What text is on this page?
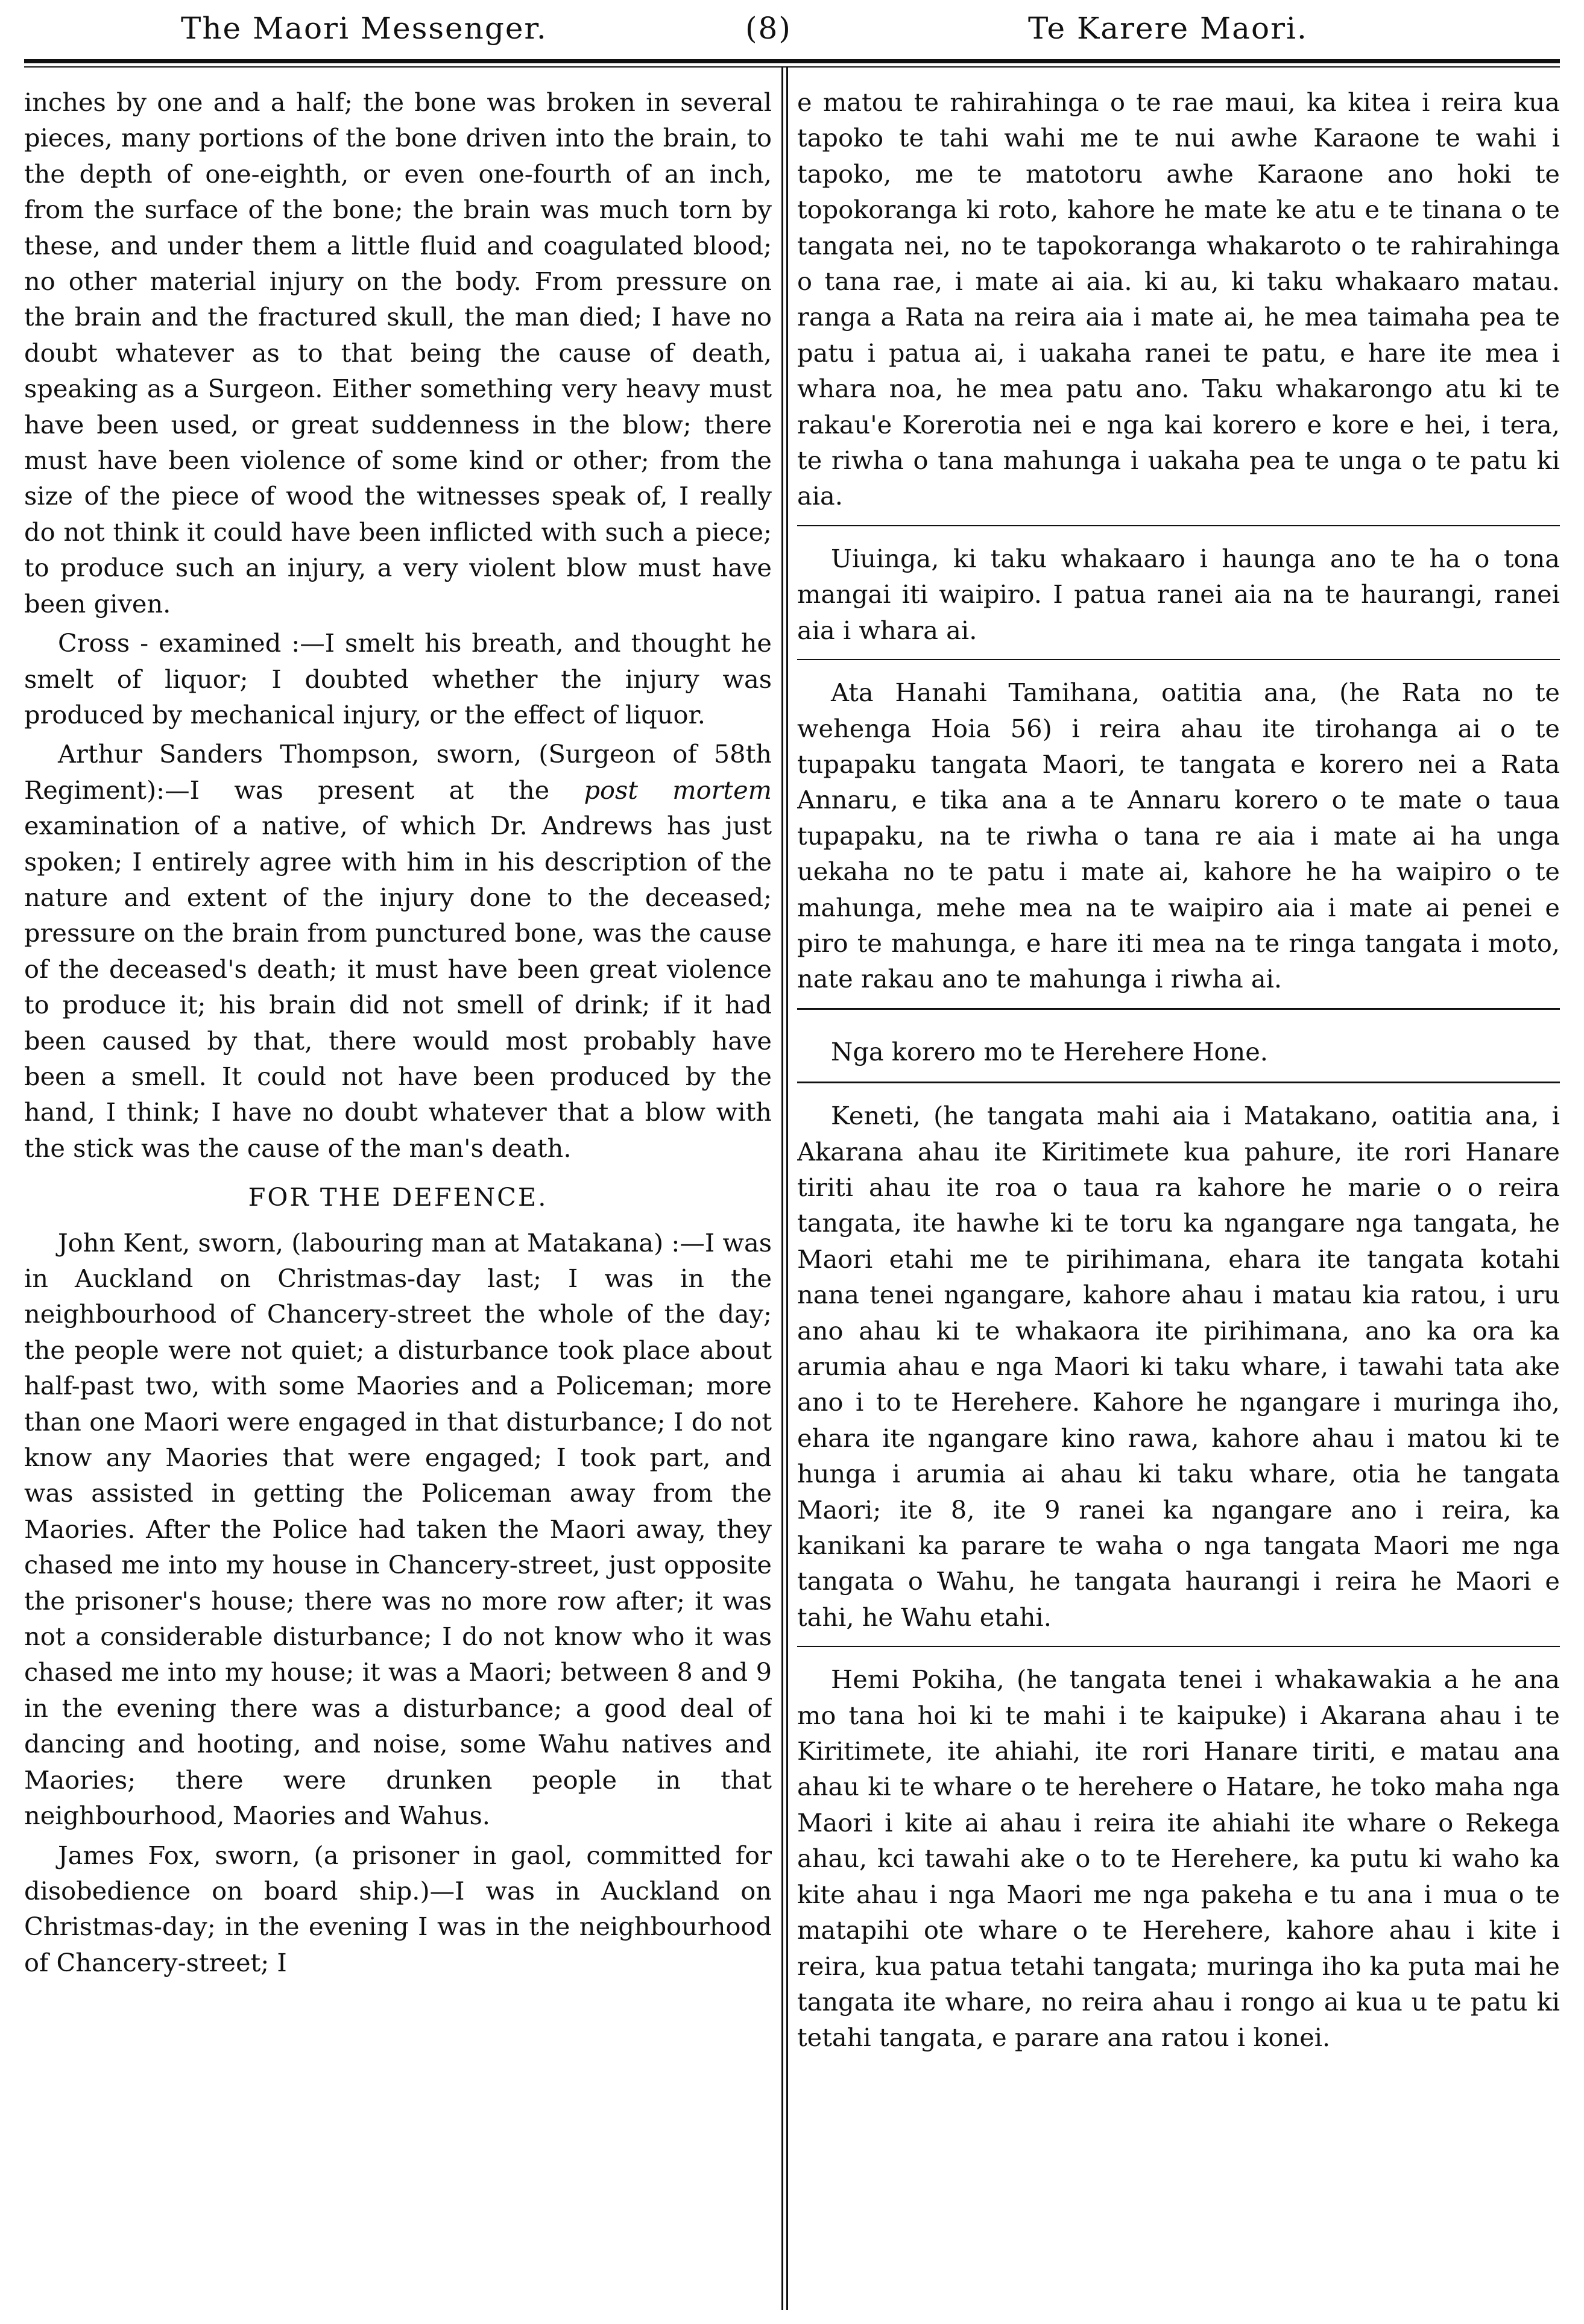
The Maori Messenger.	(8)	Te Karere Maori.

inches by one and a half; the bone was broken in several pieces, many portions of the bone driven into the brain, to the depth of one-eighth, or even one-fourth of an inch, from the surface of the bone; the brain was much torn by these, and under them a little fluid and coagulated blood; no other material injury on the body. From pressure on the brain and the fractured skull, the man died; I have no doubt whatever as to that being the cause of death, speaking as a Surgeon. Either something very heavy must have been used, or great suddenness in the blow; there must have been violence of some kind or other; from the size of the piece of wood the witnesses speak of, I really do not think it could have been inflicted with such a piece; to produce such an injury, a very violent blow must have been given.

Cross - examined :—I smelt his breath, and thought he smelt of liquor; I doubted whether the injury was produced by mechanical injury, or the effect of liquor.

Arthur Sanders Thompson, sworn, (Surgeon of 58th Regiment):—I was present at the post mortem examination of a native, of which Dr. Andrews has just spoken; I entirely agree with him in his description of the nature and extent of the injury done to the deceased; pressure on the brain from punctured bone, was the cause of the deceased's death; it must have been great violence to produce it; his brain did not smell of drink; if it had been caused by that, there would most probably have been a smell. It could not have been produced by the hand, I think; I have no doubt whatever that a blow with the stick was the cause of the man's death.

FOR THE DEFENCE.

John Kent, sworn, (labouring man at Matakana) :—I was in Auckland on Christmas-day last; I was in the neighbourhood of Chancery-street the whole of the day; the people were not quiet; a disturbance took place about half-past two, with some Maories and a Policeman; more than one Maori were engaged in that disturbance; I do not know any Maories that were engaged; I took part, and was assisted in getting the Policeman away from the Maories. After the Police had taken the Maori away, they chased me into my house in Chancery-street, just opposite the prisoner's house; there was no more row after; it was not a considerable disturbance; I do not know who it was chased me into my house; it was a Maori; between 8 and 9 in the evening there was a disturbance; a good deal of dancing and hooting, and noise, some Wahu natives and Maories; there were drunken people in that neighbourhood, Maories and Wahus.

James Fox, sworn, (a prisoner in gaol, committed for disobedience on board ship.)—I was in Auckland on Christmas-day; in the evening I was in the neighbourhood of Chancery-street; I

e matou te rahirahinga o te rae maui, ka kitea i reira kua tapoko te tahi wahi me te nui awhe Karaone te wahi i tapoko, me te matotoru awhe Karaone ano hoki te topokoranga ki roto, kahore he mate ke atu e te tinana o te tangata nei, no te tapokoranga whakaroto o te rahirahinga o tana rae, i mate ai aia. ki au, ki taku whakaaro matau. ranga a Rata na reira aia i mate ai, he mea taimaha pea te patu i patua ai, i uakaha ranei te patu, e hare ite mea i whara noa, he mea patu ano. Taku whakarongo atu ki te rakau'e Korerotia nei e nga kai korero e kore e hei, i tera, te riwha o tana mahunga i uakaha pea te unga o te patu ki aia.

Uiuinga, ki taku whakaaro i haunga ano te ha o tona mangai iti waipiro. I patua ranei aia na te haurangi, ranei aia i whara ai.

Ata Hanahi Tamihana, oatitia ana, (he Rata no te wehenga Hoia 56) i reira ahau ite tirohanga ai o te tupapaku tangata Maori, te tangata e korero nei a Rata Annaru, e tika ana a te Annaru korero o te mate o taua tupapaku, na te riwha o tana re aia i mate ai ha unga uekaha no te patu i mate ai, kahore he ha waipiro o te mahunga, mehe mea na te waipiro aia i mate ai penei e piro te mahunga, e hare iti mea na te ringa tangata i moto, nate rakau ano te mahunga i riwha ai.

Nga korero mo te Herehere Hone.

Keneti, (he tangata mahi aia i Matakano, oatitia ana, i Akarana ahau ite Kiritimete kua pahure, ite rori Hanare tiriti ahau ite roa o taua ra kahore he marie o o reira tangata, ite hawhe ki te toru ka ngangare nga tangata, he Maori etahi me te pirihimana, ehara ite tangata kotahi nana tenei ngangare, kahore ahau i matau kia ratou, i uru ano ahau ki te whakaora ite pirihimana, ano ka ora ka arumia ahau e nga Maori ki taku whare, i tawahi tata ake ano i to te Herehere. Kahore he ngangare i muringa iho, ehara ite ngangare kino rawa, kahore ahau i matou ki te hunga i arumia ai ahau ki taku whare, otia he tangata Maori; ite 8, ite 9 ranei ka ngangare ano i reira, ka kanikani ka parare te waha o nga tangata Maori me nga tangata o Wahu, he tangata haurangi i reira he Maori e tahi, he Wahu etahi.

Hemi Pokiha, (he tangata tenei i whakawakia a he ana mo tana hoi ki te mahi i te kaipuke) i Akarana ahau i te Kiritimete, ite ahiahi, ite rori Hanare tiriti, e matau ana ahau ki te whare o te herehere o Hatare, he toko maha nga Maori i kite ai ahau i reira ite ahiahi ite whare o Rekega ahau, kci tawahi ake o to te Herehere, ka putu ki waho ka kite ahau i nga Maori me nga pakeha e tu ana i mua o te matapihi ote whare o te Herehere, kahore ahau i kite i reira, kua patua tetahi tangata; muringa iho ka puta mai he tangata ite whare, no reira ahau i rongo ai kua u te patu ki tetahi tangata, e parare ana ratou i konei.
